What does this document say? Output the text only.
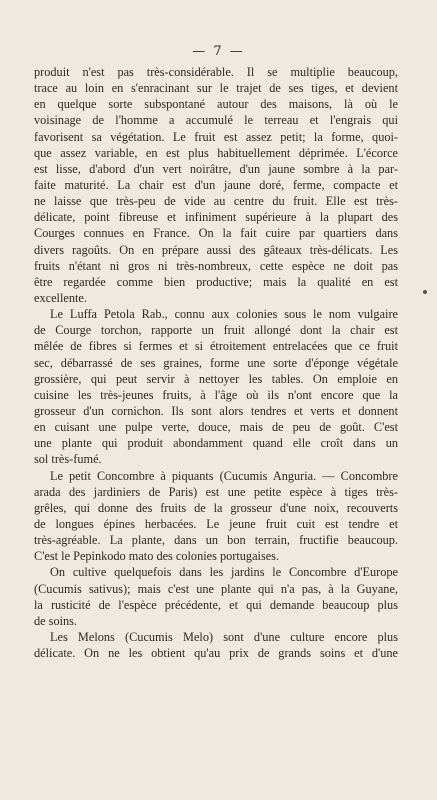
— 7 —
produit n'est pas très-considérable. Il se multiplie beaucoup,
trace au loin en s'enracinant sur le trajet de ses tiges, et devient
en quelque sorte subspontané autour des maisons, là où le
voisinage de l'homme a accumulé le terreau et l'engrais qui
favorisent sa végétation. Le fruit est assez petit; la forme, quoi-
que assez variable, en est plus habituellement déprimée. L'écorce
est lisse, d'abord d'un vert noirâtre, d'un jaune sombre à la par-
faite maturité. La chair est d'un jaune doré, ferme, compacte et
ne laisse que très-peu de vide au centre du fruit. Elle est très-
délicate, point fibreuse et infiniment supérieure à la plupart des
Courges connues en France. On la fait cuire par quartiers dans
divers ragoûts. On en prépare aussi des gâteaux très-délicats. Les
fruits n'étant ni gros ni très-nombreux, cette espèce ne doit pas
être regardée comme bien productive; mais la qualité en est
excellente.
Le Luffa Petola Rab., connu aux colonies sous le nom vulgaire
de Courge torchon, rapporte un fruit allongé dont la chair est
mêlée de fibres si fermes et si étroitement entrelacées que ce fruit
sec, débarrassé de ses graines, forme une sorte d'éponge végétale
grossière, qui peut servir à nettoyer les tables. On emploie en
cuisine les très-jeunes fruits, à l'âge où ils n'ont encore que la
grosseur d'un cornichon. Ils sont alors tendres et verts et donnent
en cuisant une pulpe verte, douce, mais de peu de goût. C'est
une plante qui produit abondamment quand elle croît dans un
sol très-fumé.
Le petit Concombre à piquants (Cucumis Anguria. — Concombre
arada des jardiniers de Paris) est une petite espèce à tiges très-
grêles, qui donne des fruits de la grosseur d'une noix, recouverts
de longues épines herbacées. Le jeune fruit cuit est tendre et
très-agréable. La plante, dans un bon terrain, fructifie beaucoup.
C'est le Pepinkodo mato des colonies portugaises.
On cultive quelquefois dans les jardins le Concombre d'Europe
(Cucumis sativus); mais c'est une plante qui n'a pas, à la Guyane,
la rusticité de l'espèce précédente, et qui demande beaucoup plus
de soins.
Les Melons (Cucumis Melo) sont d'une culture encore plus
délicate. On ne les obtient qu'au prix de grands soins et d'une
